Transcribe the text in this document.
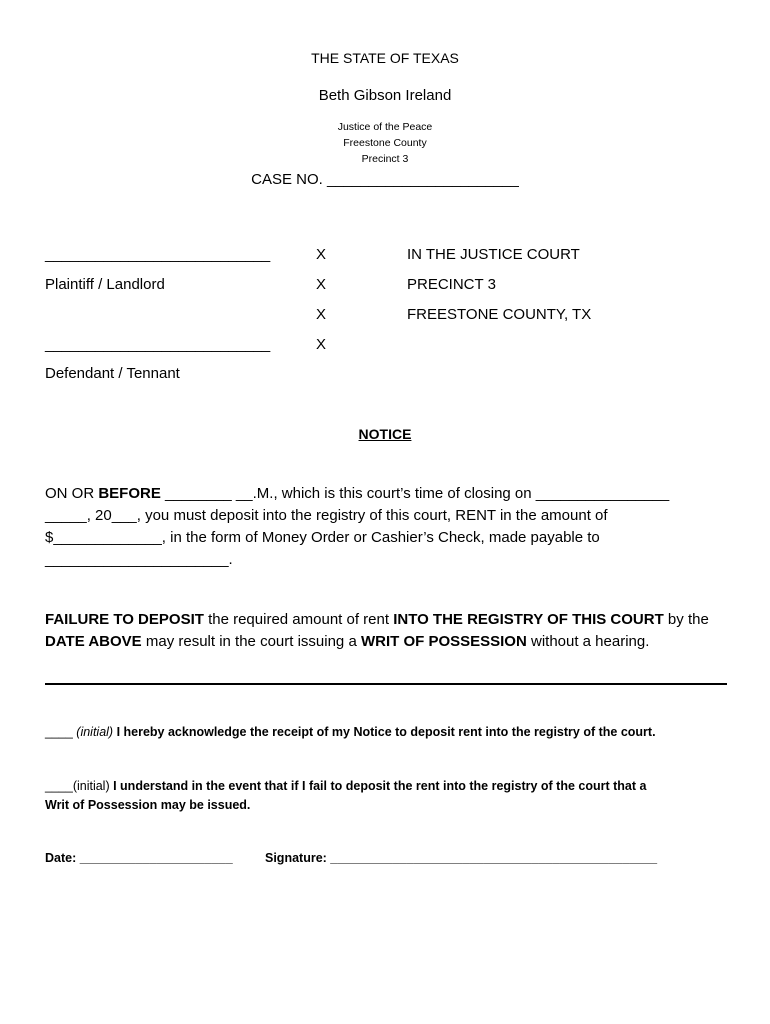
THE STATE OF TEXAS
Beth Gibson Ireland
Justice of the Peace
Freestone County
Precinct 3
CASE NO. _______________________
___________________________
Plaintiff / Landlord
___________________________
Defendant / Tennant
X
X
X
X
IN THE JUSTICE COURT
PRECINCT 3
FREESTONE COUNTY, TX
NOTICE
ON OR BEFORE ________ __.M., which is this court’s time of closing on ________________
_____, 20___, you must deposit into the registry of this court, RENT in the amount of
$_____________, in the form of Money Order or Cashier’s Check, made payable to
______________________.
FAILURE TO DEPOSIT the required amount of rent INTO THE REGISTRY OF THIS COURT by the
DATE ABOVE may result in the court issuing a WRIT OF POSSESSION without a hearing.
____ (initial) I hereby acknowledge the receipt of my Notice to deposit rent into the registry of the court.
____(initial) I understand in the event that if I fail to deposit the rent into the registry of the court that a
Writ of Possession may be issued.
Date: ______________________	Signature: _______________________________________________
